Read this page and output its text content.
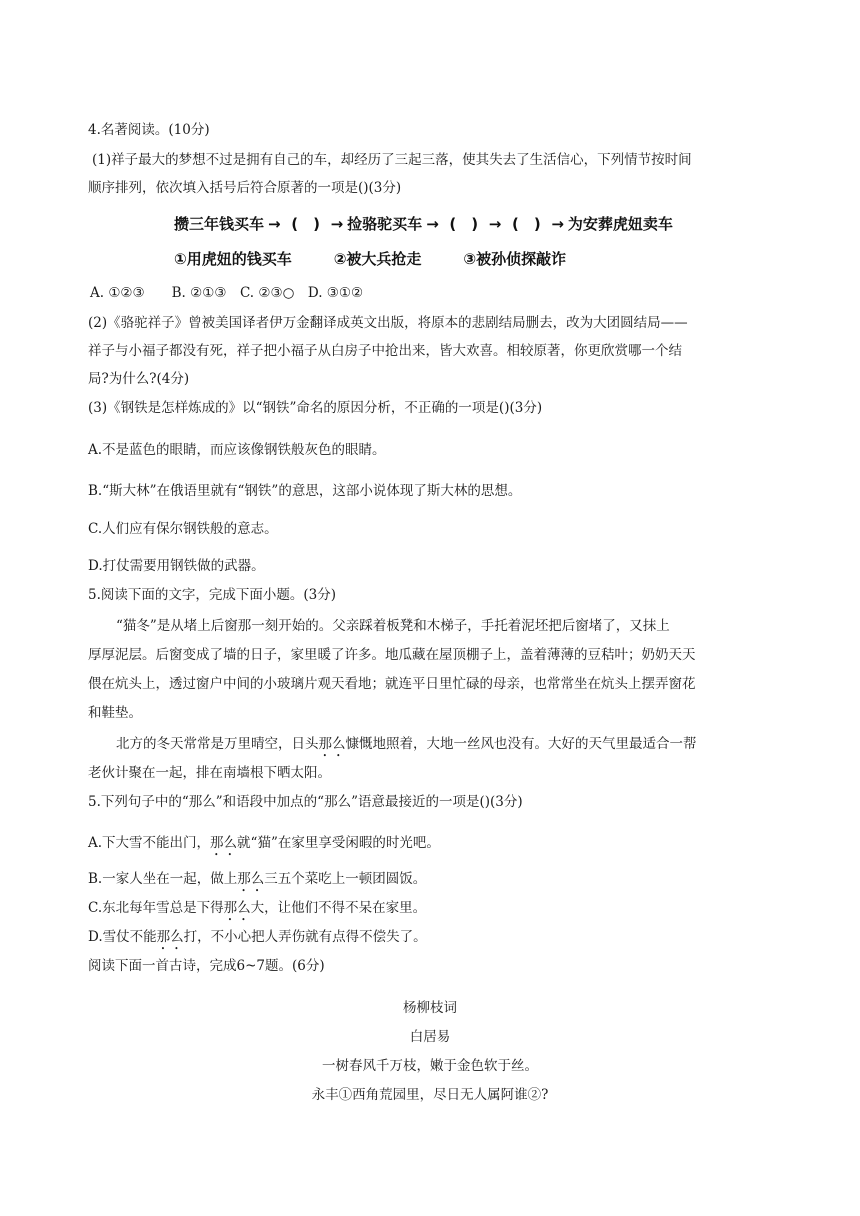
4.名著阅读。(10分)
(1)祥子最大的梦想不过是拥有自己的车，却经历了三起三落，使其失去了生活信心，下列情节按时间
顺序排列，依次填入括号后符合原著的一项是()(3分)
攒三年钱买车 → (　) → 捡骆驼买车 → (　) → (　) → 为安葬虎妞卖车
①用虎妞的钱买车	②被大兵抢走	③被孙侦探敲诈
A. ①②③　　B. ②①③　C. ②③○　D. ③①②
(2)《骆驼祥子》曾被美国译者伊万金翻译成英文出版，将原本的悲剧结局删去，改为大团圆结局——
祥子与小福子都没有死，祥子把小福子从白房子中抢出来，皆大欢喜。相较原著，你更欣赏哪一个结
局?为什么?(4分)
(3)《钢铁是怎样炼成的》以“钢铁”命名的原因分析，不正确的一项是()(3分)
A.不是蓝色的眼睛，而应该像钢铁般灰色的眼睛。
B.“斯大林”在俄语里就有“钢铁”的意思，这部小说体现了斯大林的思想。
C.人们应有保尔钢铁般的意志。
D.打仗需要用钢铁做的武器。
5.阅读下面的文字，完成下面小题。(3分)
“猫冬”是从堵上后窗那一刻开始的。父亲踩着板凳和木梯子，手托着泥坯把后窗堵了，又抹上
厚厚泥层。后窗变成了墙的日子，家里暖了许多。地瓜藏在屋顶棚子上，盖着薄薄的豆秸叶；奶奶天天
偎在炕头上，透过窗户中间的小玻璃片观天看地；就连平日里忙碌的母亲，也常常坐在炕头上摆弄窗花
和鞋垫。
北方的冬天常常是万里晴空，日头那么慷慨地照着，大地一丝风也没有。大好的天气里最适合一帮
老伙计聚在一起，排在南墙根下晒太阳。
5.下列句子中的“那么”和语段中加点的“那么”语意最接近的一项是()(3分)
A.下大雪不能出门，那么就“猫”在家里享受闲暇的时光吧。
B.一家人坐在一起，做上那么三五个菜吃上一顿团圆饭。
C.东北每年雪总是下得那么大，让他们不得不呆在家里。
D.雪仗不能那么打，不小心把人弄伤就有点得不偿失了。
阅读下面一首古诗，完成6~7题。(6分)
杨柳枝词
白居易
一树春风千万枝，嫩于金色软于丝。
永丰①西角荒园里，尽日无人属阿谁②?
